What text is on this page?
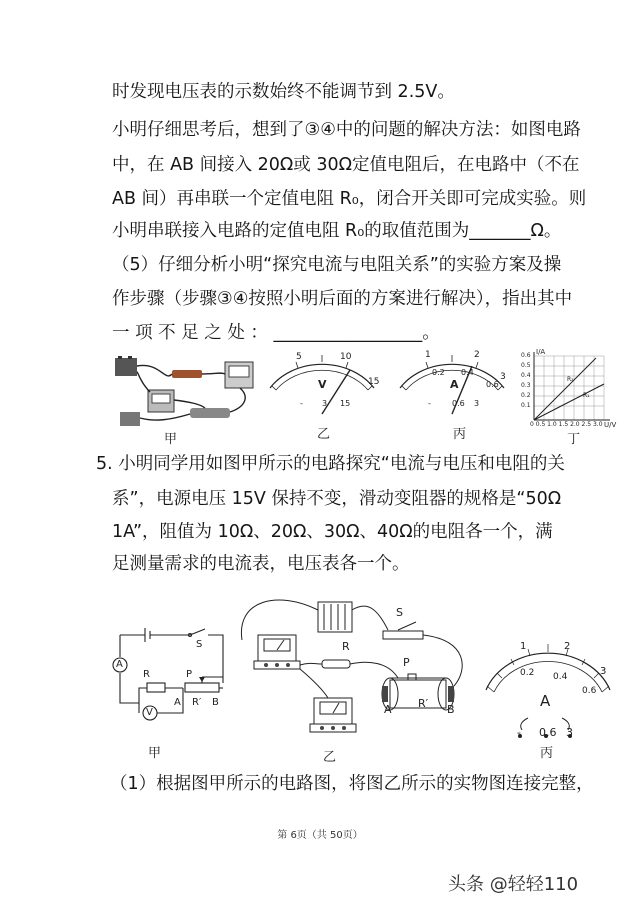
时发现电压表的示数始终不能调节到 2.5V。
小明仔细思考后，想到了③④中的问题的解决方法：如图电路
中，在 AB 间接入 20Ω或 30Ω定值电阻后，在电路中（不在
AB 间）再串联一个定值电阻 R₀，闭合开关即可完成实验。则
小明串联接入电路的定值电阻 R₀的取值范围为_______Ω。
（5）仔细分析小明“探究电流与电阻关系”的实验方案及操
作步骤（步骤③④按照小明后面的方案进行解决），指出其中
一 项 不 足 之 处 ： _________________。
甲
5	10
15
V
- 3 15
乙
1	2
3
0.2 0.4
0.6
A
-	0.6 3
丙
I/A
U/V
0 0.5 1.0 1.5 2.0 2.5 3.0
0.6
0.5
0.4
0.3
0.2
0.1
R₂
R₁
丁
5. 小明同学用如图甲所示的电路探究“电流与电压和电阻的关
系”，电源电压 15V 保持不变，滑动变阻器的规格是“50Ω
1A”，阻值为 10Ω、20Ω、30Ω、40Ω的电阻各一个，满
足测量需求的电流表，电压表各一个。
A
V
S
R	P
A R′ B
甲
S
R
P
A R′ B
乙
1	2
3
0.2 0.4
0.6
A
- 0.6 3
丙
（1）根据图甲所示的电路图，将图乙所示的实物图连接完整，
第 6页（共 50页）
头条 @轻轻110
